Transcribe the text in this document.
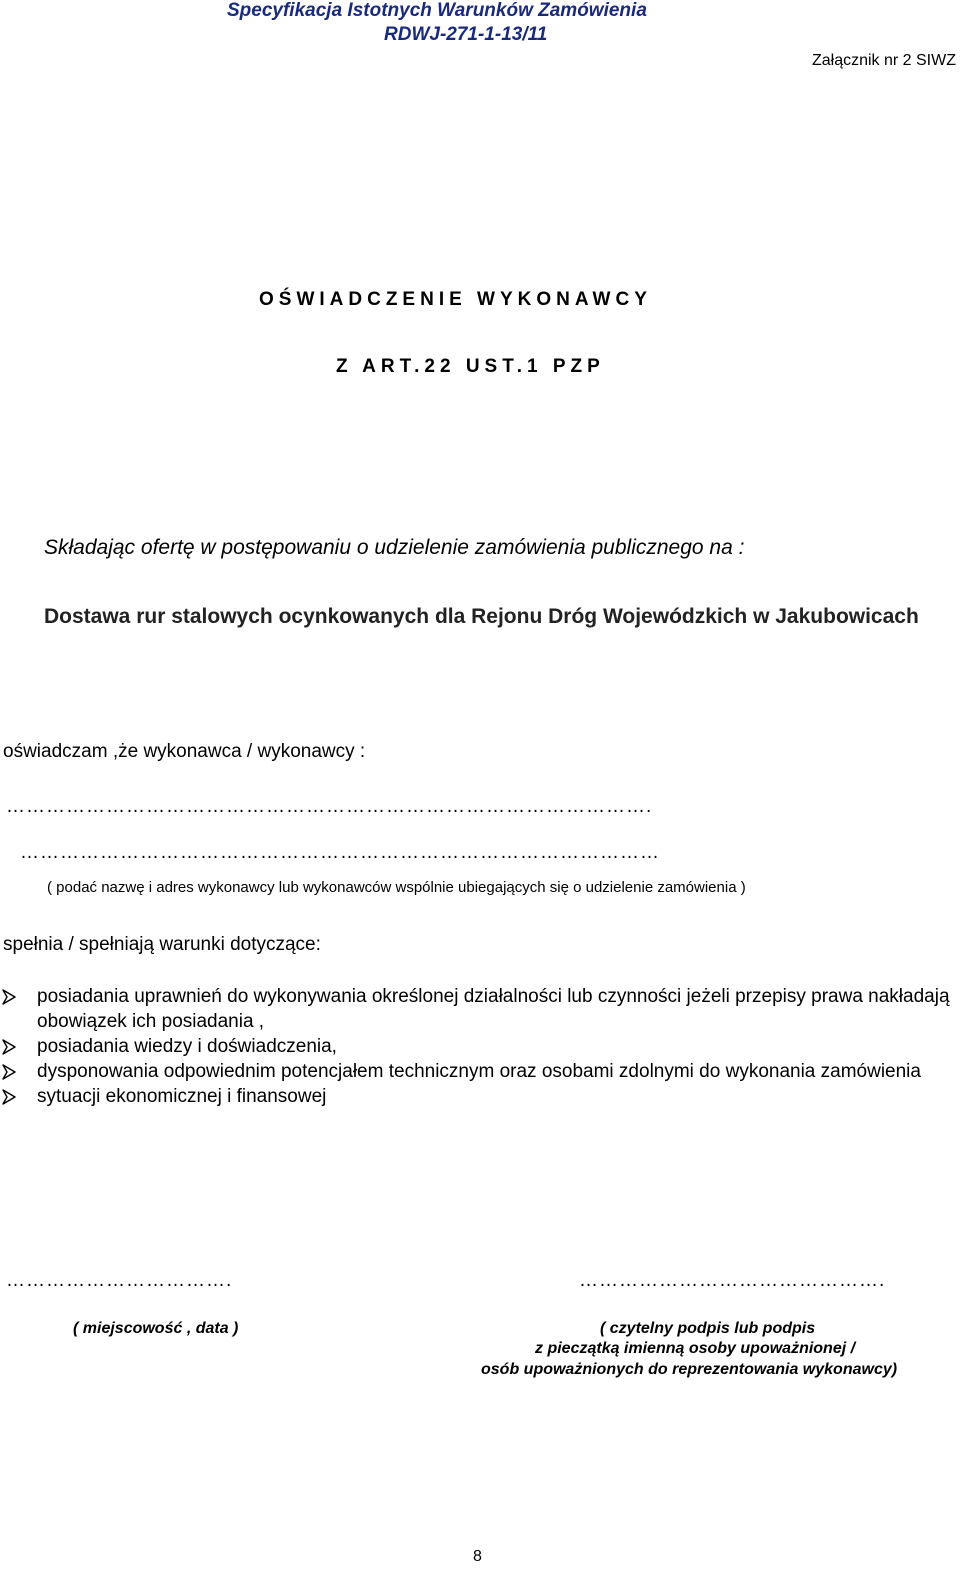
Specyfikacja Istotnych Warunków Zamówienia
RDWJ-271-1-13/11
Załącznik nr 2 SIWZ
OŚWIADCZENIE WYKONAWCY
Z ART.22 UST.1 PZP
Składając ofertę w postępowaniu o udzielenie zamówienia publicznego na :
Dostawa rur stalowych ocynkowanych dla Rejonu Dróg Wojewódzkich w Jakubowicach
oświadczam ,że wykonawca / wykonawcy :
…………………………………………………………………………………….
……………………………………………………………………………………
( podać nazwę i adres wykonawcy lub wykonawców wspólnie ubiegających się o udzielenie zamówienia )
spełnia / spełniają warunki dotyczące:
posiadania uprawnień do wykonywania określonej działalności lub czynności jeżeli przepisy prawa nakładają obowiązek ich posiadania ,
posiadania wiedzy i doświadczenia,
dysponowania odpowiednim potencjałem technicznym oraz osobami zdolnymi do wykonania zamówienia
sytuacji ekonomicznej i finansowej
…………………………….	……………………………………….
( miejscowość , data )	( czytelny podpis lub podpis
z pieczątką imienną osoby upoważnionej /
osób upoważnionych do reprezentowania wykonawcy)
8
